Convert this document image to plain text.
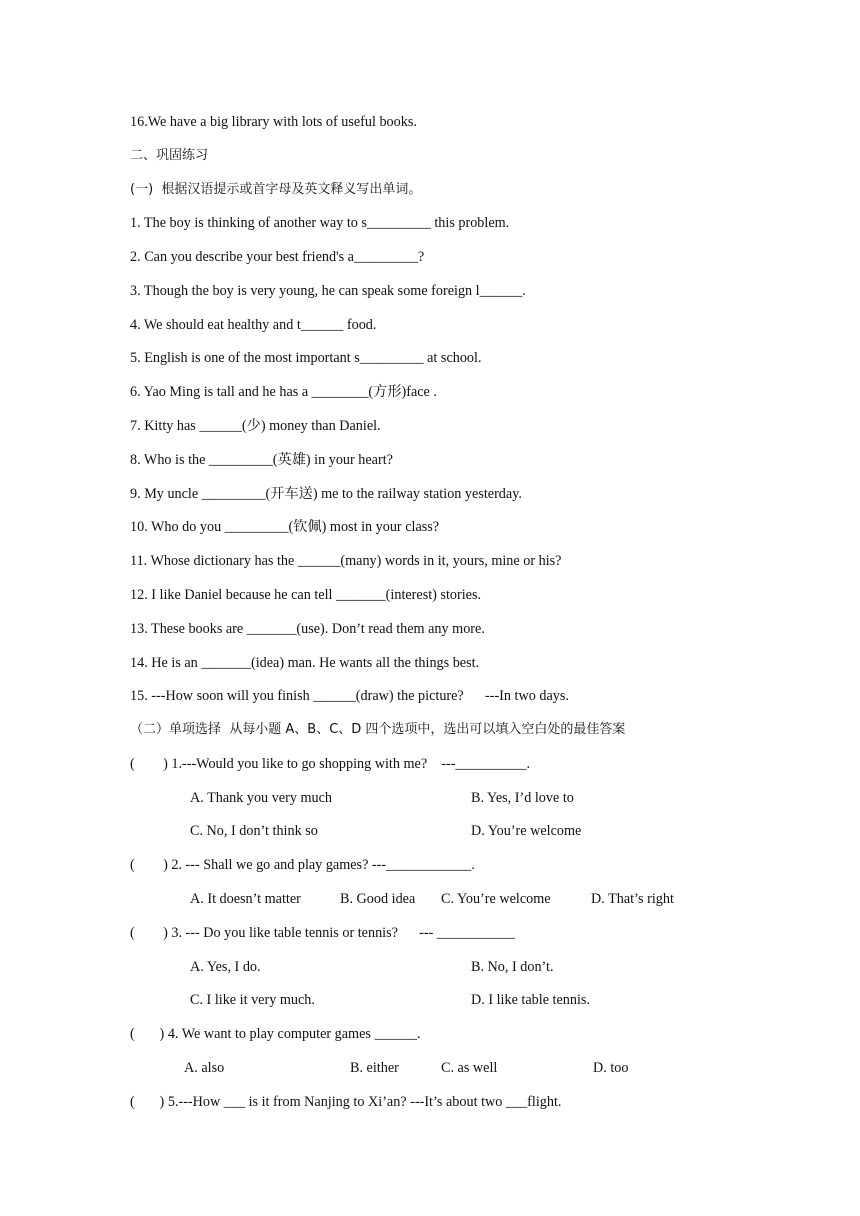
16.We have a big library with lots of useful books.
二、巩固练习
(一)  根据汉语提示或首字母及英文释义写出单词。
1. The boy is thinking of another way to s_________ this problem.
2. Can you describe your best friend's a_________?
3. Though the boy is very young, he can speak some foreign l______.
4. We should eat healthy and t______ food.
5. English is one of the most important s_________ at school.
6. Yao Ming is tall and he has a ________(方形)face .
7. Kitty has ______(少) money than Daniel.
8. Who is the _________(英雄) in your heart?
9. My uncle _________(开车送) me to the railway station yesterday.
10. Who do you _________(钦佩) most in your class?
11. Whose dictionary has the ______(many) words in it, yours, mine or his?
12. I like Daniel because he can tell _______(interest) stories.
13. These books are _______(use). Don’t read them any more.
14. He is an _______(idea) man. He wants all the things best.
15. ---How soon will you finish ______(draw) the picture?      ---In two days.
（二）单项选择  从每小题 A、B、C、D 四个选项中，选出可以填入空白处的最佳答案
(        ) 1.---Would you like to go shopping with me?    ---__________.
A. Thank you very much	B. Yes, I’d love to
C. No, I don’t think so	D. You’re welcome
(        ) 2. --- Shall we go and play games? ---____________.
A. It doesn’t matter	B. Good idea C. You’re welcome	D. That’s right
(        ) 3. --- Do you like table tennis or tennis?      --- ___________
A. Yes, I do.	B. No, I don’t.
C. I like it very much.	D. I like table tennis.
(       ) 4. We want to play computer games ______.
A. also	B. either	C. as well	D. too
(       ) 5.---How ___ is it from Nanjing to Xi’an? ---It’s about two ___flight.
